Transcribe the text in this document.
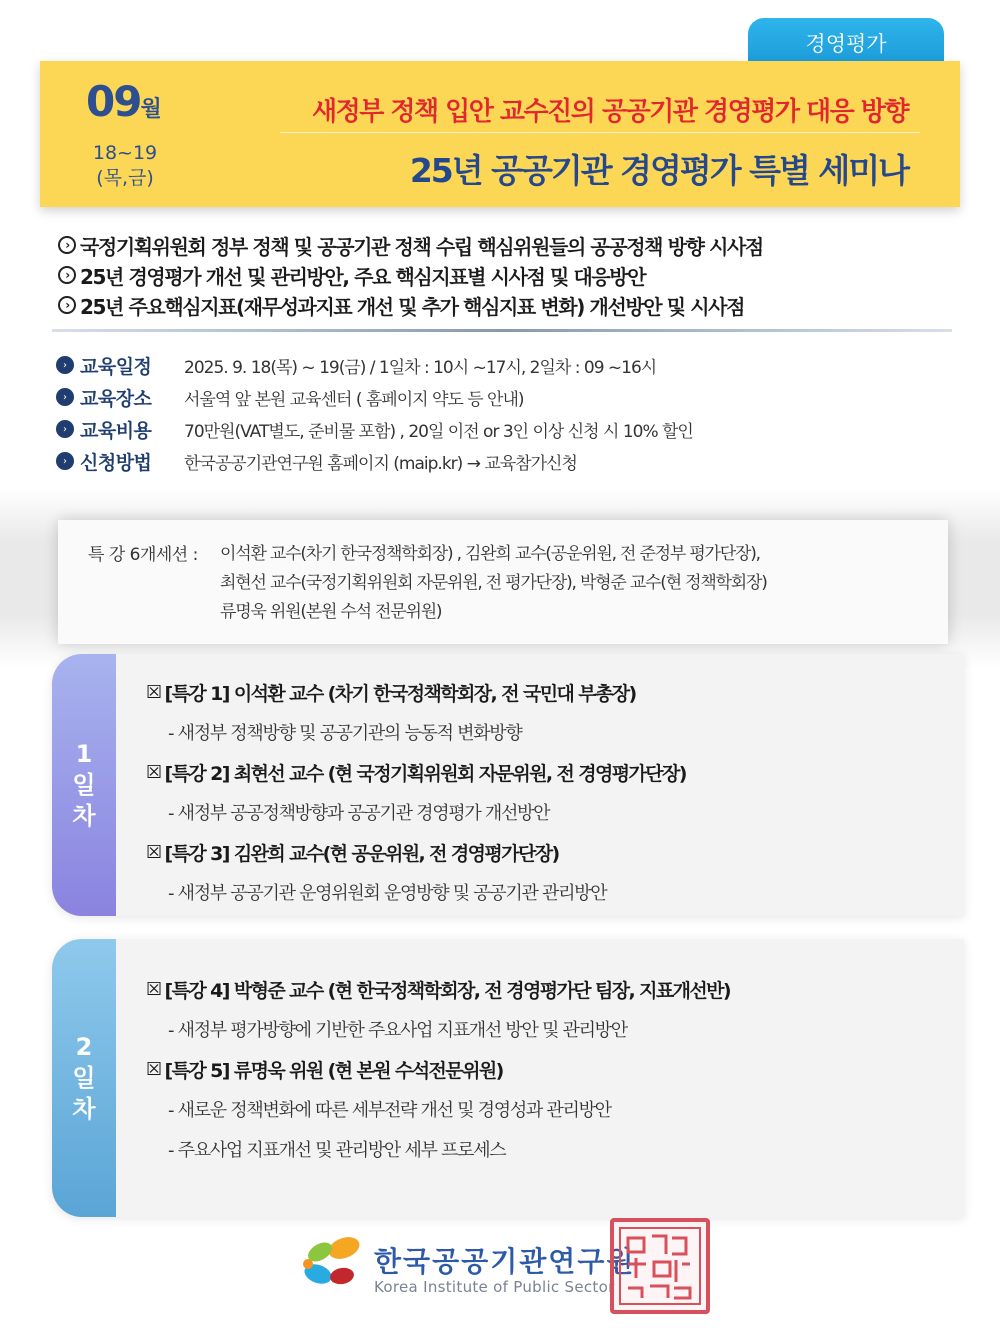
경영평가
09월
18~19
(목,금)
새정부 정책 입안 교수진의 공공기관 경영평가 대응 방향
25년 공공기관 경영평가 특별 세미나
› 국정기획위원회 정부 정책 및 공공기관 정책 수립 핵심위원들의 공공정책 방향 시사점
› 25년 경영평가 개선 및 관리방안, 주요 핵심지표별 시사점 및 대응방안
› 25년 주요핵심지표(재무성과지표 개선 및 추가 핵심지표 변화) 개선방안 및 시사점
› 교육일정	2025. 9. 18(목) ~ 19(금) / 1일차 : 10시 ~17시, 2일차 : 09 ~16시
› 교육장소	서울역 앞 본원 교육센터 ( 홈페이지 약도 등 안내)
› 교육비용	70만원(VAT별도, 준비물 포함) , 20일 이전 or 3인 이상 신청 시 10% 할인
› 신청방법	한국공공기관연구원 홈페이지 (maip.kr) → 교육참가신청
특 강 6개세션 : 이석환 교수(차기 한국정책학회장) , 김완희 교수(공운위원, 전 준정부 평가단장),
최현선 교수(국정기획위원회 자문위원, 전 평가단장), 박형준 교수(현 정책학회장)
류명욱 위원(본원 수석 전문위원)
1
일
차
☒ [특강 1] 이석환 교수 (차기 한국정책학회장, 전 국민대 부총장)
- 새정부 정책방향 및 공공기관의 능동적 변화방향
☒ [특강 2] 최현선 교수 (현 국정기획위원회 자문위원, 전 경영평가단장)
- 새정부 공공정책방향과 공공기관 경영평가 개선방안
☒ [특강 3] 김완희 교수(현 공운위원, 전 경영평가단장)
- 새정부 공공기관 운영위원회 운영방향 및 공공기관 관리방안
2
일
차
☒ [특강 4] 박형준 교수 (현 한국정책학회장, 전 경영평가단 팀장, 지표개선반)
- 새정부 평가방향에 기반한 주요사업 지표개선 방안 및 관리방안
☒ [특강 5] 류명욱 위원 (현 본원 수석전문위원)
- 새로운 정책변화에 따른 세부전략 개선 및 경영성과 관리방안
- 주요사업 지표개선 및 관리방안 세부 프로세스
한국공공기관연구원
Korea Institute of Public Sector
